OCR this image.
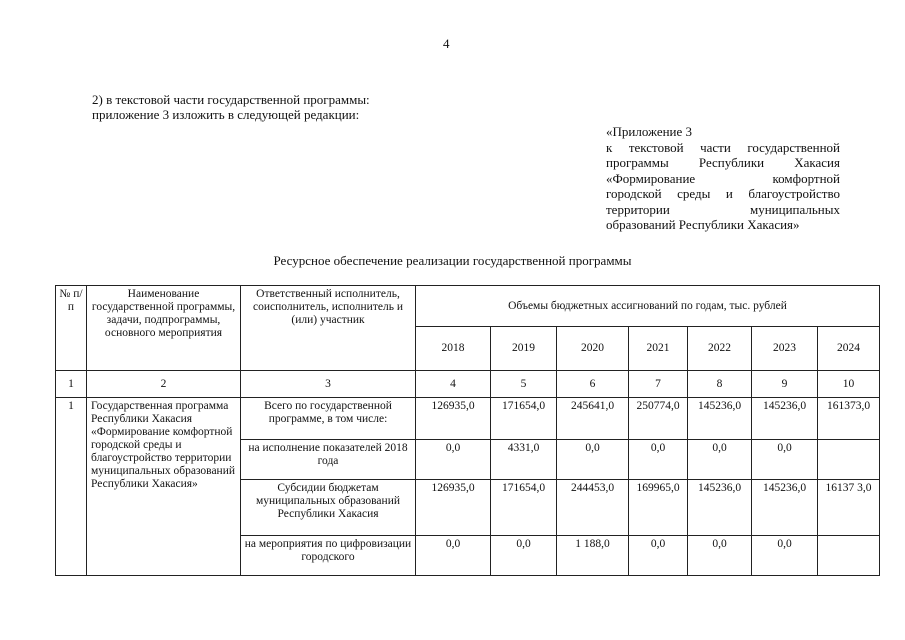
4
2) в текстовой части государственной программы:
приложение 3 изложить в следующей редакции:
«Приложение 3
к текстовой части государственной
программы Республики Хакасия
«Формирование комфортной
городской среды и благоустройство
территории муниципальных
образований Республики Хакасия»
Ресурсное обеспечение реализации государственной программы
№ п/п	Наименование государственной программы, задачи, подпрограммы, основного мероприятия	Ответственный исполнитель, соисполнитель, исполнитель и (или) участник	Объемы бюджетных ассигнований по годам, тыс. рублей						
			2018	2019	2020	2021	2022	2023	2024
1	2	3	4	5	6	7	8	9	10
1	Государственная программа Республики Хакасия «Формирование комфортной городской среды и благоустройство территории муниципальных образований Республики Хакасия»	Всего по государственной программе, в том числе:	126935,0	171654,0	245641,0	250774,0	145236,0	145236,0	161373,0
		на исполнение показателей 2018 года	0,0	4331,0	0,0	0,0	0,0	0,0	
		Субсидии бюджетам муниципальных образований Республики Хакасия	126935,0	171654,0	244453,0	169965,0	145236,0	145236,0	16137 3,0
		на мероприятия по цифровизации городского	0,0	0,0	1 188,0	0,0	0,0	0,0	
